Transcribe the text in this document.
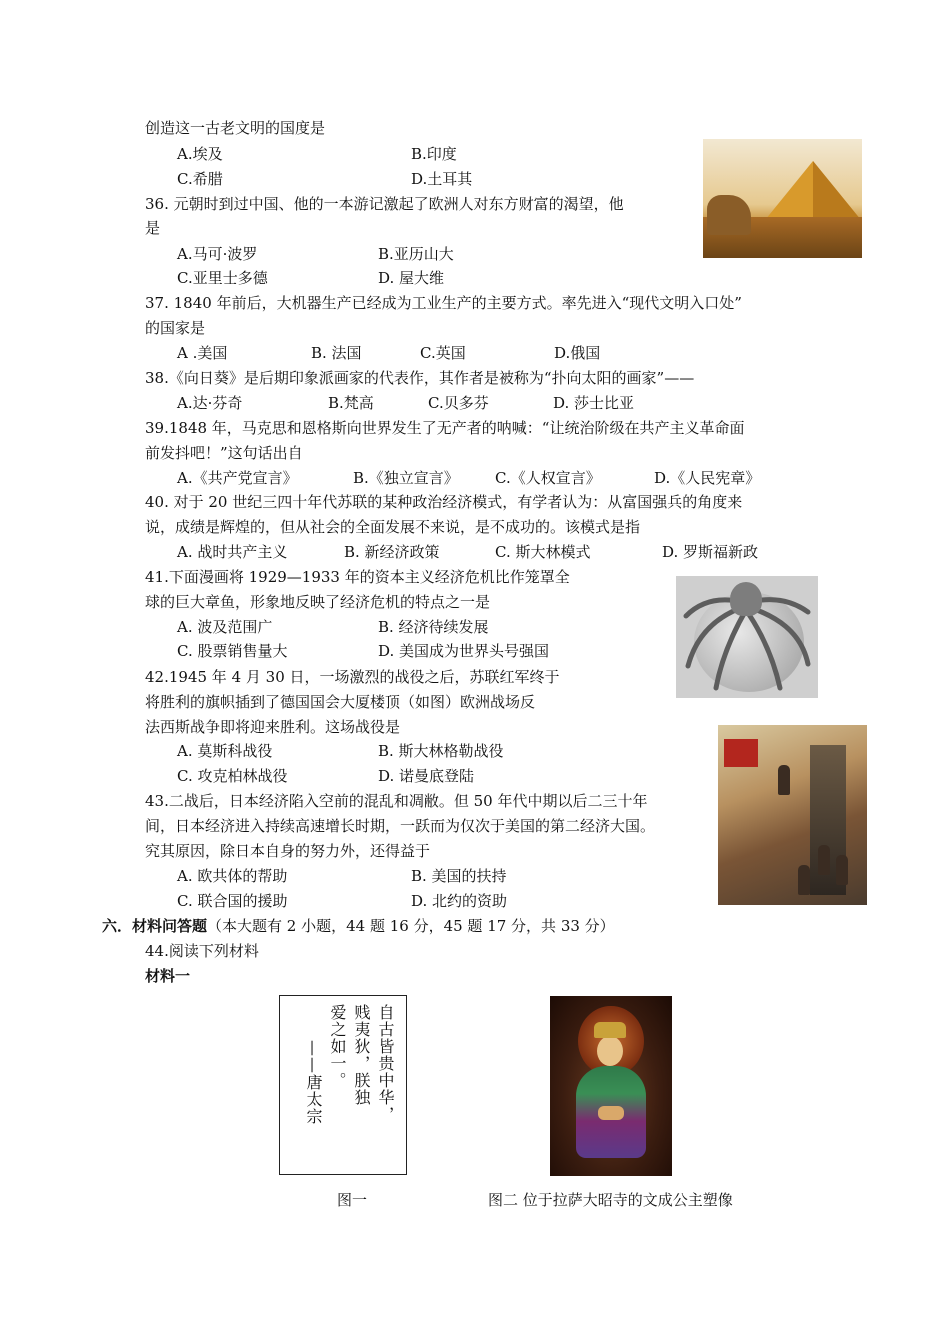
创造这一古老文明的国度是
A.埃及	B.印度
C.希腊	D.土耳其
36. 元朝时到过中国、他的一本游记激起了欧洲人对东方财富的渴望，他
是
A.马可·波罗	B.亚历山大
C.亚里士多德	D. 屋大维
37. 1840 年前后，大机器生产已经成为工业生产的主要方式。率先进入“现代文明入口处”
的国家是
A .美国	B. 法国	C.英国	D.俄国
38.《向日葵》是后期印象派画家的代表作，其作者是被称为“扑向太阳的画家”——
A.达·芬奇	B.梵高	C.贝多芬	D. 莎士比亚
39.1848 年，马克思和恩格斯向世界发生了无产者的呐喊：“让统治阶级在共产主义革命面
前发抖吧！”这句话出自
A.《共产党宣言》	B.《独立宣言》 C.《人权宣言》	D.《人民宪章》
40. 对于 20 世纪三四十年代苏联的某种政治经济模式，有学者认为：从富国强兵的角度来
说，成绩是辉煌的，但从社会的全面发展不来说，是不成功的。该模式是指
A. 战时共产主义	B. 新经济政策	C. 斯大林模式	D. 罗斯福新政
41.下面漫画将 1929—1933 年的资本主义经济危机比作笼罩全
球的巨大章鱼，形象地反映了经济危机的特点之一是
A. 波及范围广	B. 经济待续发展
C. 股票销售量大	D. 美国成为世界头号强国
42.1945 年 4 月 30 日，一场激烈的战役之后，苏联红军终于
将胜利的旗帜插到了德国国会大厦楼顶（如图）欧洲战场反
法西斯战争即将迎来胜利。这场战役是
A. 莫斯科战役	B. 斯大林格勒战役
C. 攻克柏林战役	D. 诺曼底登陆
43.二战后，日本经济陷入空前的混乱和凋敝。但 50 年代中期以后二三十年
间，日本经济进入持续高速增长时期，一跃而为仅次于美国的第二经济大国。
究其原因，除日本自身的努力外，还得益于
A. 欧共体的帮助	B. 美国的扶持
C. 联合国的援助	D. 北约的资助
六．材料问答题（本大题有 2 小题，44 题 16 分，45 题 17 分，共 33 分）
44.阅读下列材料
材料一
自古皆贵中华，
贱夷狄，朕独
爱之如一。
——唐太宗
图一	图二 位于拉萨大昭寺的文成公主塑像
